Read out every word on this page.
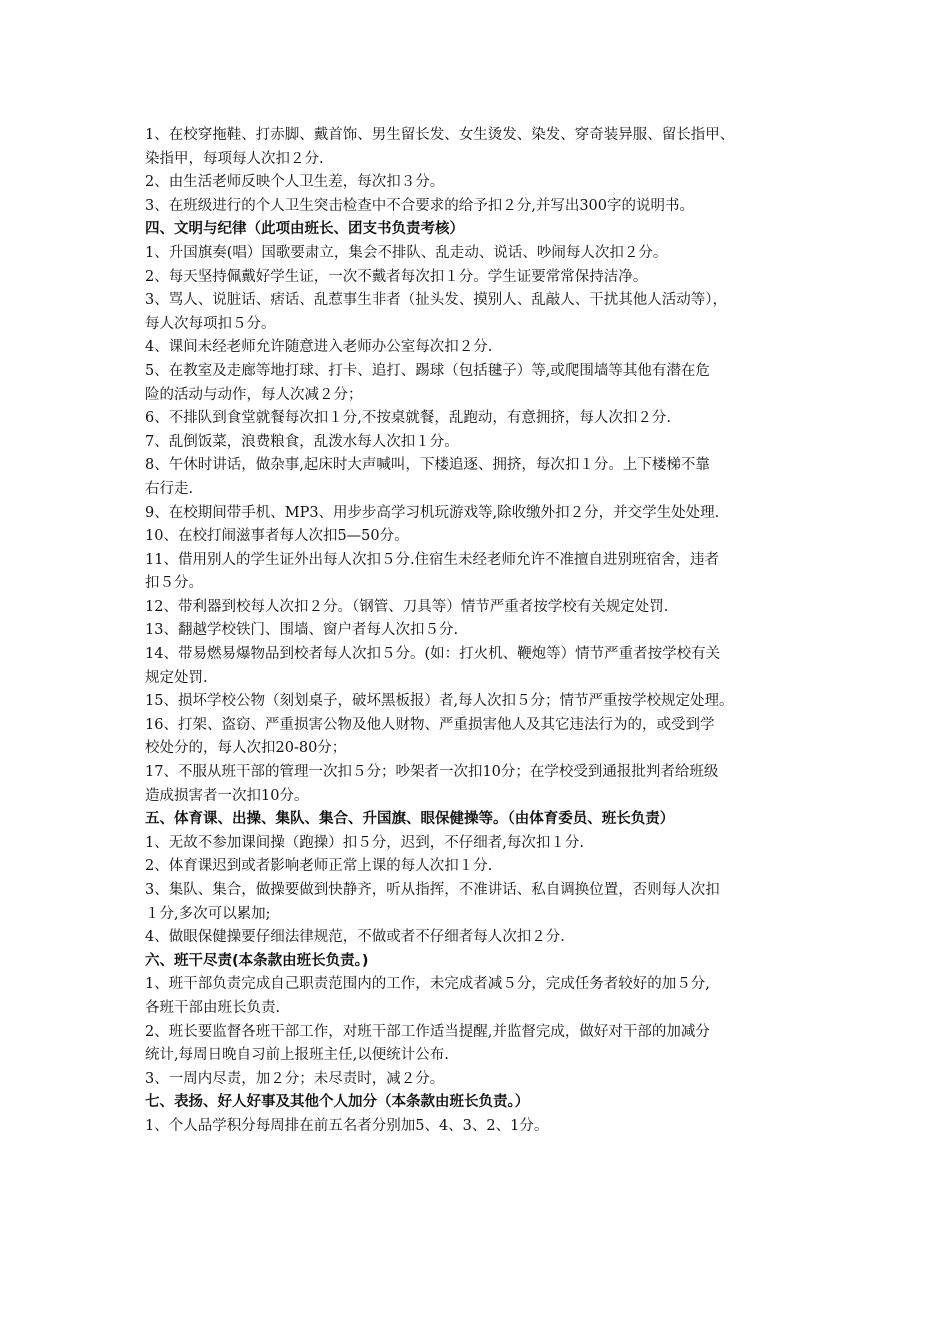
1、在校穿拖鞋、打赤脚、戴首饰、男生留长发、女生烫发、染发、穿奇装异服、留长指甲、
染指甲，每项每人次扣２分.
2、由生活老师反映个人卫生差，每次扣３分。
3、在班级进行的个人卫生突击检查中不合要求的给予扣２分,并写出300字的说明书。
四、文明与纪律（此项由班长、团支书负责考核）
1、升国旗奏(唱）国歌要肃立，集会不排队、乱走动、说话、吵闹每人次扣２分。
2、每天坚持佩戴好学生证，一次不戴者每次扣１分。学生证要常常保持洁净。
3、骂人、说脏话、痞话、乱惹事生非者（扯头发、摸别人、乱敲人、干扰其他人活动等），
每人次每项扣５分。
4、课间未经老师允许随意进入老师办公室每次扣２分.
5、在教室及走廊等地打球、打卡、追打、踢球（包括毽子）等,或爬围墙等其他有潜在危
险的活动与动作，每人次减２分；
6、不排队到食堂就餐每次扣１分,不按桌就餐，乱跑动，有意拥挤，每人次扣２分.
7、乱倒饭菜，浪费粮食，乱泼水每人次扣１分。
8、午休时讲话，做杂事,起床时大声喊叫，下楼追逐、拥挤，每次扣１分。上下楼梯不靠
右行走.
9、在校期间带手机、MP3、用步步高学习机玩游戏等,除收缴外扣２分，并交学生处处理.
10、在校打闹滋事者每人次扣5—50分。
11、借用别人的学生证外出每人次扣５分.住宿生未经老师允许不准擅自进别班宿舍，违者
扣５分。
12、带利器到校每人次扣２分。（钢管、刀具等）情节严重者按学校有关规定处罚.
13、翻越学校铁门、围墙、窗户者每人次扣５分.
14、带易燃易爆物品到校者每人次扣５分。(如：打火机、鞭炮等）情节严重者按学校有关
规定处罚.
15、损坏学校公物（刻划桌子，破坏黑板报）者,每人次扣５分；情节严重按学校规定处理。
16、打架、盗窃、严重损害公物及他人财物、严重损害他人及其它违法行为的，或受到学
校处分的，每人次扣20-80分；
17、不服从班干部的管理一次扣５分；吵架者一次扣10分；在学校受到通报批判者给班级
造成损害者一次扣10分。
五、体育课、出操、集队、集合、升国旗、眼保健操等。（由体育委员、班长负责）
1、无故不参加课间操（跑操）扣５分，迟到，不仔细者,每次扣１分.
2、体育课迟到或者影响老师正常上课的每人次扣１分.
3、集队、集合，做操要做到快静齐，听从指挥，不准讲话、私自调换位置，否则每人次扣
１分,多次可以累加;
4、做眼保健操要仔细法律规范，不做或者不仔细者每人次扣２分.
六、班干尽责(本条款由班长负责。)
1、班干部负责完成自己职责范围内的工作，未完成者减５分，完成任务者较好的加５分,
各班干部由班长负责.
2、班长要监督各班干部工作，对班干部工作适当提醒,并监督完成，做好对干部的加减分
统计,每周日晚自习前上报班主任,以便统计公布.
3、一周内尽责，加２分；未尽责时，减２分。
七、表扬、好人好事及其他个人加分（本条款由班长负责。）
1、个人品学积分每周排在前五名者分别加5、4、3、2、1分。
